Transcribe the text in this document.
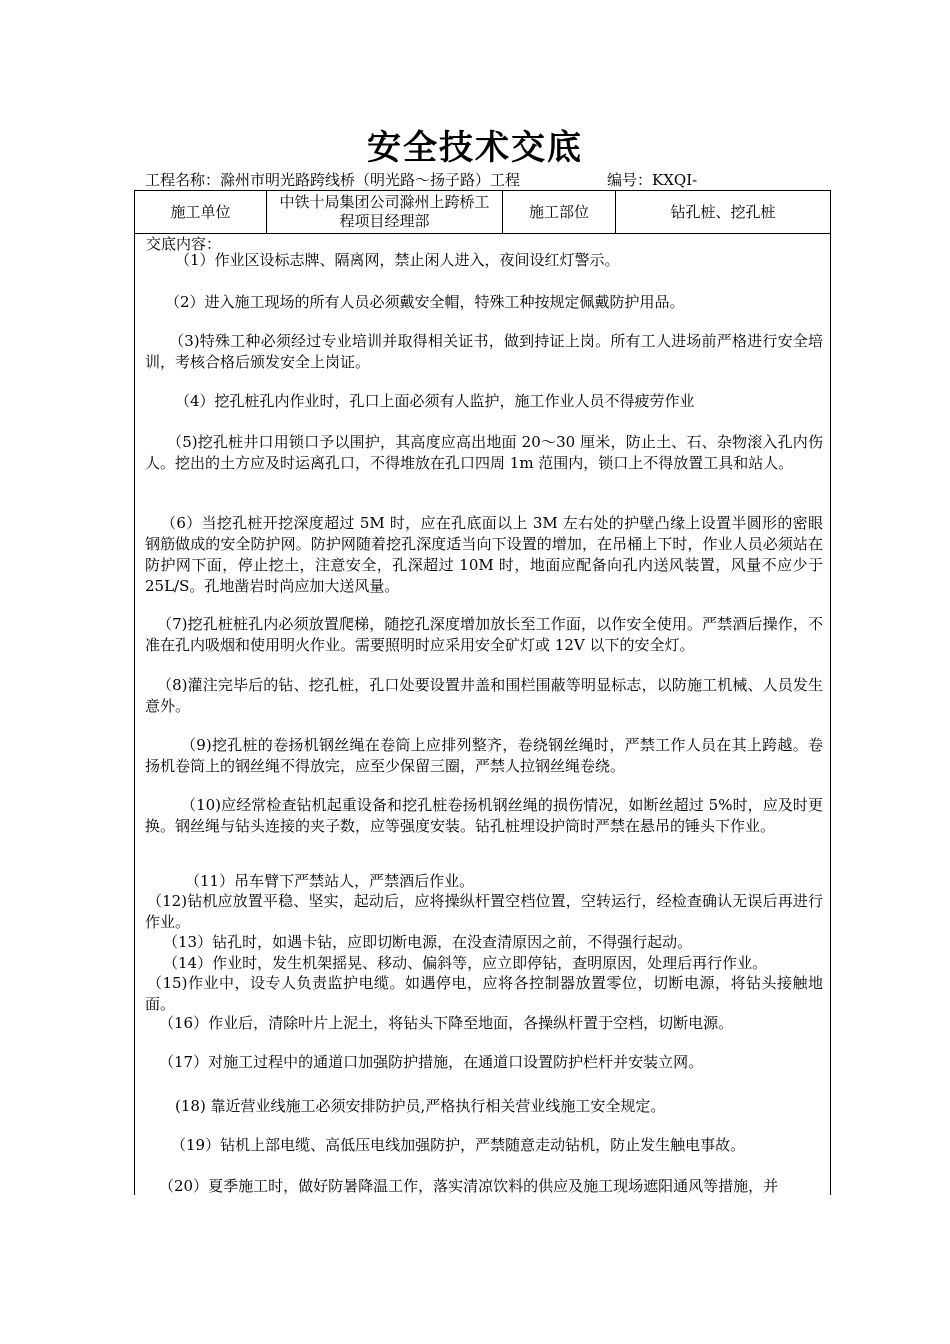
安全技术交底
工程名称：滁州市明光路跨线桥（明光路～扬子路）工程	编号：KXQⅠ-
施工单位
中铁十局集团公司滁州上跨桥工程项目经理部
施工部位	钻孔桩、挖孔桩
交底内容：
（1）作业区设标志牌、隔离网，禁止闲人进入，夜间设红灯警示。
（2）进入施工现场的所有人员必须戴安全帽，特殊工种按规定佩戴防护用品。
（3)特殊工种必须经过专业培训并取得相关证书，做到持证上岗。所有工人进场前严格进行安全培训，考核合格后颁发安全上岗证。
（4）挖孔桩孔内作业时，孔口上面必须有人监护，施工作业人员不得疲劳作业
（5)挖孔桩井口用锁口予以围护，其高度应高出地面 20～30 厘米，防止土、石、杂物滚入孔内伤人。挖出的土方应及时运离孔口，不得堆放在孔口四周 1m 范围内，锁口上不得放置工具和站人。
（6）当挖孔桩开挖深度超过 5M 时，应在孔底面以上 3M 左右处的护壁凸缘上设置半圆形的密眼钢筋做成的安全防护网。防护网随着挖孔深度适当向下设置的增加，在吊桶上下时，作业人员必须站在防护网下面，停止挖土，注意安全，孔深超过 10M 时，地面应配备向孔内送风装置，风量不应少于 25L/S。孔地凿岩时尚应加大送风量。
（7)挖孔桩桩孔内必须放置爬梯，随挖孔深度增加放长至工作面，以作安全使用。严禁酒后操作，不准在孔内吸烟和使用明火作业。需要照明时应采用安全矿灯或 12V 以下的安全灯。
（8)灌注完毕后的钻、挖孔桩，孔口处要设置井盖和围栏围蔽等明显标志，以防施工机械、人员发生意外。
（9)挖孔桩的卷扬机钢丝绳在卷筒上应排列整齐，卷绕钢丝绳时，严禁工作人员在其上跨越。卷扬机卷筒上的钢丝绳不得放完，应至少保留三圈，严禁人拉钢丝绳卷绕。
（10)应经常检查钻机起重设备和挖孔桩卷扬机钢丝绳的损伤情况，如断丝超过 5%时，应及时更换。钢丝绳与钻头连接的夹子数，应等强度安装。钻孔桩埋设护筒时严禁在悬吊的锤头下作业。
（11）吊车臂下严禁站人，严禁酒后作业。
（12)钻机应放置平稳、坚实，起动后，应将操纵杆置空档位置，空转运行，经检查确认无误后再进行作业。
（13）钻孔时，如遇卡钻，应即切断电源，在没查清原因之前，不得强行起动。
（14）作业时，发生机架摇晃、移动、偏斜等，应立即停钻，查明原因，处理后再行作业。
（15)作业中，设专人负责监护电缆。如遇停电，应将各控制器放置零位，切断电源，将钻头接触地面。
（16）作业后，清除叶片上泥土，将钻头下降至地面，各操纵杆置于空档，切断电源。
（17）对施工过程中的通道口加强防护措施，在通道口设置防护栏杆并安装立网。
(18) 靠近营业线施工必须安排防护员,严格执行相关营业线施工安全规定。
（19）钻机上部电缆、高低压电线加强防护，严禁随意走动钻机，防止发生触电事故。
（20）夏季施工时，做好防暑降温工作，落实清凉饮料的供应及施工现场遮阳通风等措施，并
